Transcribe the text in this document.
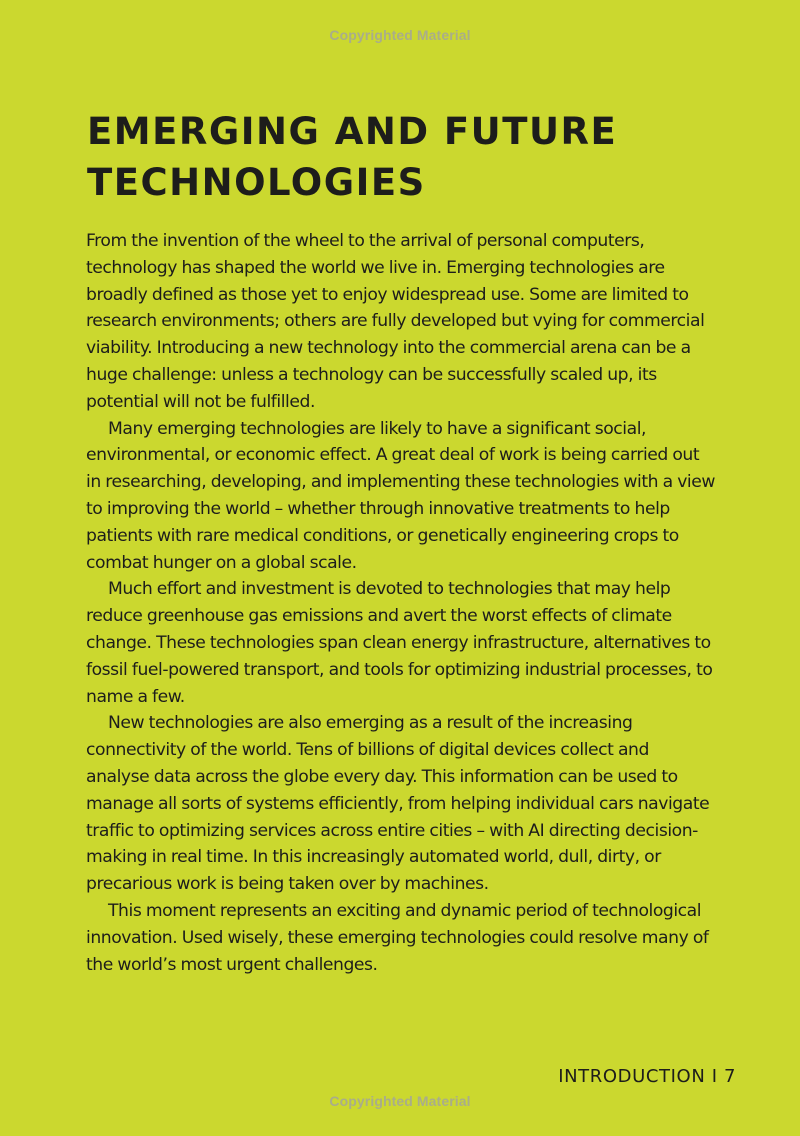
Copyrighted Material
EMERGING AND FUTURE TECHNOLOGIES

From the invention of the wheel to the arrival of personal computers, technology has shaped the world we live in. Emerging technologies are broadly defined as those yet to enjoy widespread use. Some are limited to research environments; others are fully developed but vying for commercial viability. Introducing a new technology into the commercial arena can be a huge challenge: unless a technology can be successfully scaled up, its potential will not be fulfilled.

Many emerging technologies are likely to have a significant social, environmental, or economic effect. A great deal of work is being carried out in researching, developing, and implementing these technologies with a view to improving the world – whether through innovative treatments to help patients with rare medical conditions, or genetically engineering crops to combat hunger on a global scale.

Much effort and investment is devoted to technologies that may help reduce greenhouse gas emissions and avert the worst effects of climate change. These technologies span clean energy infrastructure, alternatives to fossil fuel-powered transport, and tools for optimizing industrial processes, to name a few.

New technologies are also emerging as a result of the increasing connectivity of the world. Tens of billions of digital devices collect and analyse data across the globe every day. This information can be used to manage all sorts of systems efficiently, from helping individual cars navigate traffic to optimizing services across entire cities – with AI directing decision-making in real time. In this increasingly automated world, dull, dirty, or precarious work is being taken over by machines.

This moment represents an exciting and dynamic period of technological innovation. Used wisely, these emerging technologies could resolve many of the world’s most urgent challenges.

INTRODUCTION I 7
Copyrighted Material
